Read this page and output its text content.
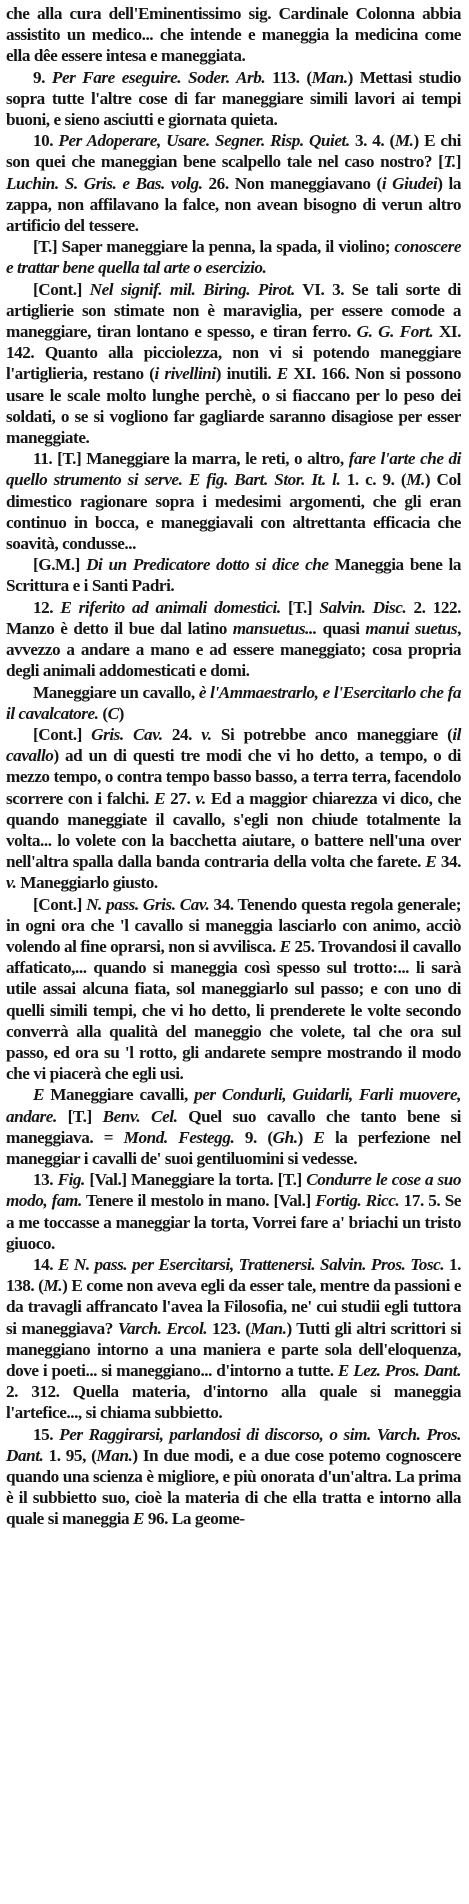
che alla cura dell'Eminentissimo sig. Cardinale Colonna abbia assistito un medico... che intende e maneggia la medicina come ella dêe essere intesa e maneggiata.

9. Per Fare eseguire. Soder. Arb. 113. (Man.) Mettasi studio sopra tutte l'altre cose di far maneggiare simili lavori ai tempi buoni, e sieno asciutti e giornata quieta.

10. Per Adoperare, Usare. Segner. Risp. Quiet. 3. 4. (M.) E chi son quei che maneggian bene scalpello tale nel caso nostro? [T.] Luchin. S. Gris. e Bas. volg. 26. Non maneggiavano (i Giudei) la zappa, non affilavano la falce, non avean bisogno di verun altro artificio del tessere.

[T.] Saper maneggiare la penna, la spada, il violino; conoscere e trattar bene quella tal arte o esercizio.

[Cont.] Nel signif. mil. Biring. Pirot. VI. 3. Se tali sorte di artiglierie son stimate non è maraviglia, per essere comode a maneggiare, tiran lontano e spesso, e tiran ferro. G. G. Fort. XI. 142. Quanto alla picciolezza, non vi si potendo maneggiare l'artiglieria, restano (i rivellini) inutili. E XI. 166. Non si possono usare le scale molto lunghe perchè, o si fiaccano per lo peso dei soldati, o se si vogliono far gagliarde saranno disagiose per esser maneggiate.

11. [T.] Maneggiare la marra, le reti, o altro, fare l'arte che di quello strumento si serve. E fig. Bart. Stor. It. l. 1. c. 9. (M.) Col dimestico ragionare sopra i medesimi argomenti, che gli eran continuo in bocca, e maneggiavali con altrettanta efficacia che soavità, condusse...

[G.M.] Di un Predicatore dotto si dice che Maneggia bene la Scrittura e i Santi Padri.

12. E riferito ad animali domestici. [T.] Salvin. Disc. 2. 122. Manzo è detto il bue dal latino mansuetus... quasi manui suetus, avvezzo a andare a mano e ad essere maneggiato; cosa propria degli animali addomesticati e domi.

Maneggiare un cavallo, è l'Ammaestrarlo, e l'Esercitarlo che fa il cavalcatore. (C)

[Cont.] Gris. Cav. 24. v. Si potrebbe anco maneggiare (il cavallo) ad un di questi tre modi che vi ho detto, a tempo, o di mezzo tempo, o contra tempo basso basso, a terra terra, facendolo scorrere con i falchi. E 27. v. Ed a maggior chiarezza vi dico, che quando maneggiate il cavallo, s'egli non chiude totalmente la volta... lo volete con la bacchetta aiutare, o battere nell'una over nell'altra spalla dalla banda contraria della volta che farete. E 34. v. Maneggiarlo giusto.

[Cont.] N. pass. Gris. Cav. 34. Tenendo questa regola generale; in ogni ora che 'l cavallo si maneggia lasciarlo con animo, acciò volendo al fine oprarsi, non si avvilisca. E 25. Trovandosi il cavallo affaticato,... quando si maneggia così spesso sul trotto:... li sarà utile assai alcuna fiata, sol maneggiarlo sul passo; e con uno di quelli simili tempi, che vi ho detto, li prenderete le volte secondo converrà alla qualità del maneggio che volete, tal che ora sul passo, ed ora su 'l rotto, gli andarete sempre mostrando il modo che vi piacerà che egli usi.

E Maneggiare cavalli, per Condurli, Guidarli, Farli muovere, andare. [T.] Benv. Cel. Quel suo cavallo che tanto bene si maneggiava. = Mond. Festegg. 9. (Gh.) E la perfezione nel maneggiar i cavalli de' suoi gentiluomini si vedesse.

13. Fig. [Val.] Maneggiare la torta. [T.] Condurre le cose a suo modo, fam. Tenere il mestolo in mano. [Val.] Fortig. Ricc. 17. 5. Se a me toccasse a maneggiar la torta, Vorrei fare a' briachi un tristo giuoco.

14. E N. pass. per Esercitarsi, Trattenersi. Salvin. Pros. Tosc. 1. 138. (M.) E come non aveva egli da esser tale, mentre da passioni e da travagli affrancato l'avea la Filosofia, ne' cui studii egli tuttora si maneggiava? Varch. Ercol. 123. (Man.) Tutti gli altri scrittori si maneggiano intorno a una maniera e parte sola dell'eloquenza, dove i poeti... si maneggiano... d'intorno a tutte. E Lez. Pros. Dant. 2. 312. Quella materia, d'intorno alla quale si maneggia l'artefice..., si chiama subbietto.

15. Per Raggirarsi, parlandosi di discorso, o sim. Varch. Pros. Dant. 1. 95, (Man.) In due modi, e a due cose potemo cognoscere quando una scienza è migliore, e più onorata d'un'altra. La prima è il subbietto suo, cioè la materia di che ella tratta e intorno alla quale si maneggia E 96. La geome-
